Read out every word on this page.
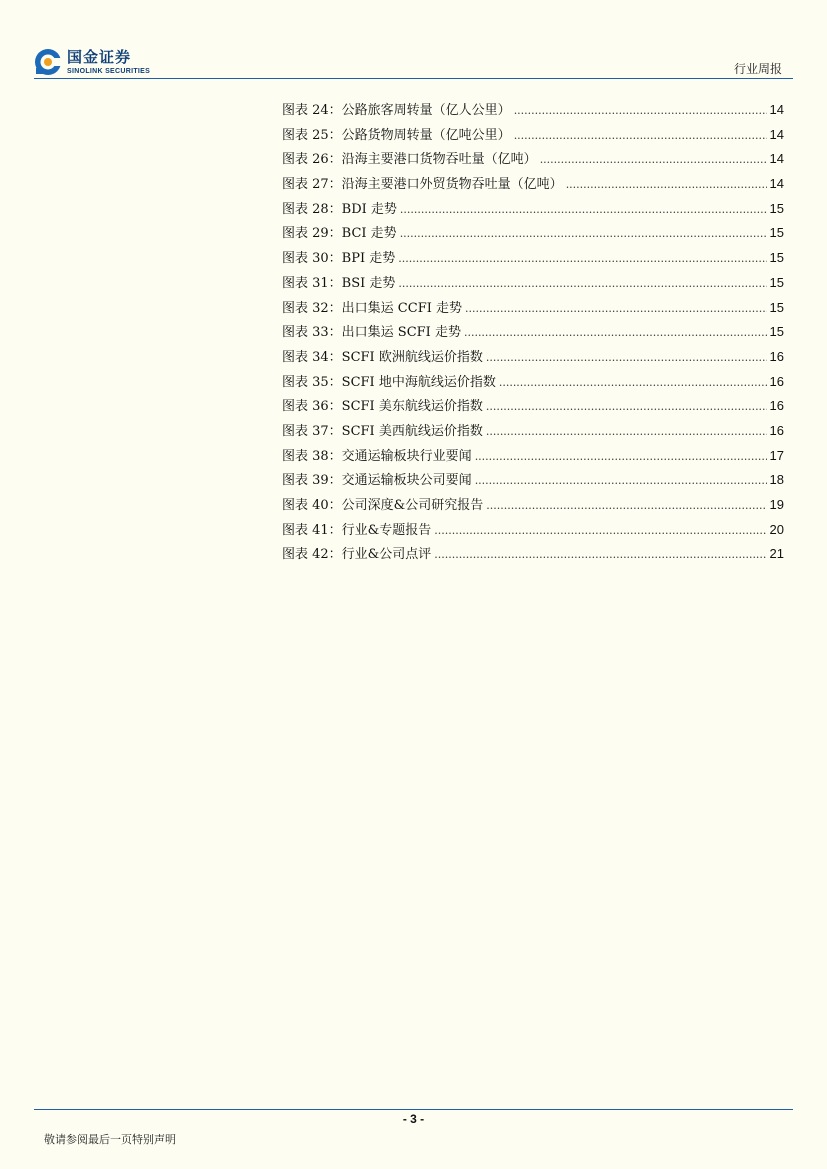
国金证券
SINOLINK SECURITIES	行业周报
图表 24：公路旅客周转量（亿人公里） .....	14
图表 25：公路货物周转量（亿吨公里） .....	14
图表 26：沿海主要港口货物吞吐量（亿吨） .....	14
图表 27：沿海主要港口外贸货物吞吐量（亿吨） .....	14
图表 28：BDI 走势 .....	15
图表 29：BCI 走势 .....	15
图表 30：BPI 走势 .....	15
图表 31：BSI 走势 .....	15
图表 32：出口集运 CCFI 走势 .....	15
图表 33：出口集运 SCFI 走势 .....	15
图表 34：SCFI 欧洲航线运价指数 .....	16
图表 35：SCFI 地中海航线运价指数 .....	16
图表 36：SCFI 美东航线运价指数 .....	16
图表 37：SCFI 美西航线运价指数 .....	16
图表 38：交通运输板块行业要闻 .....	17
图表 39：交通运输板块公司要闻 .....	18
图表 40：公司深度&公司研究报告 .....	19
图表 41：行业&专题报告 .....	20
图表 42：行业&公司点评 .....	21
- 3 -
敬请参阅最后一页特别声明
